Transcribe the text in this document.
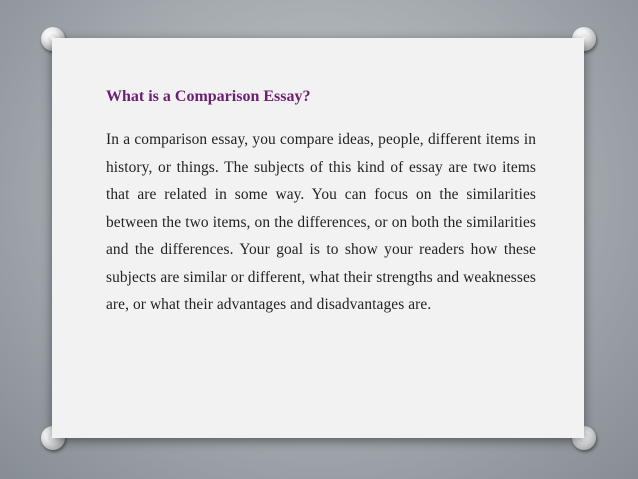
What is a Comparison Essay?

In a comparison essay, you compare ideas, people, different items in history, or things. The subjects of this kind of essay are two items that are related in some way. You can focus on the similarities between the two items, on the differences, or on both the similarities and the differences. Your goal is to show your readers how these subjects are similar or different, what their strengths and weaknesses are, or what their advantages and disadvantages are.
